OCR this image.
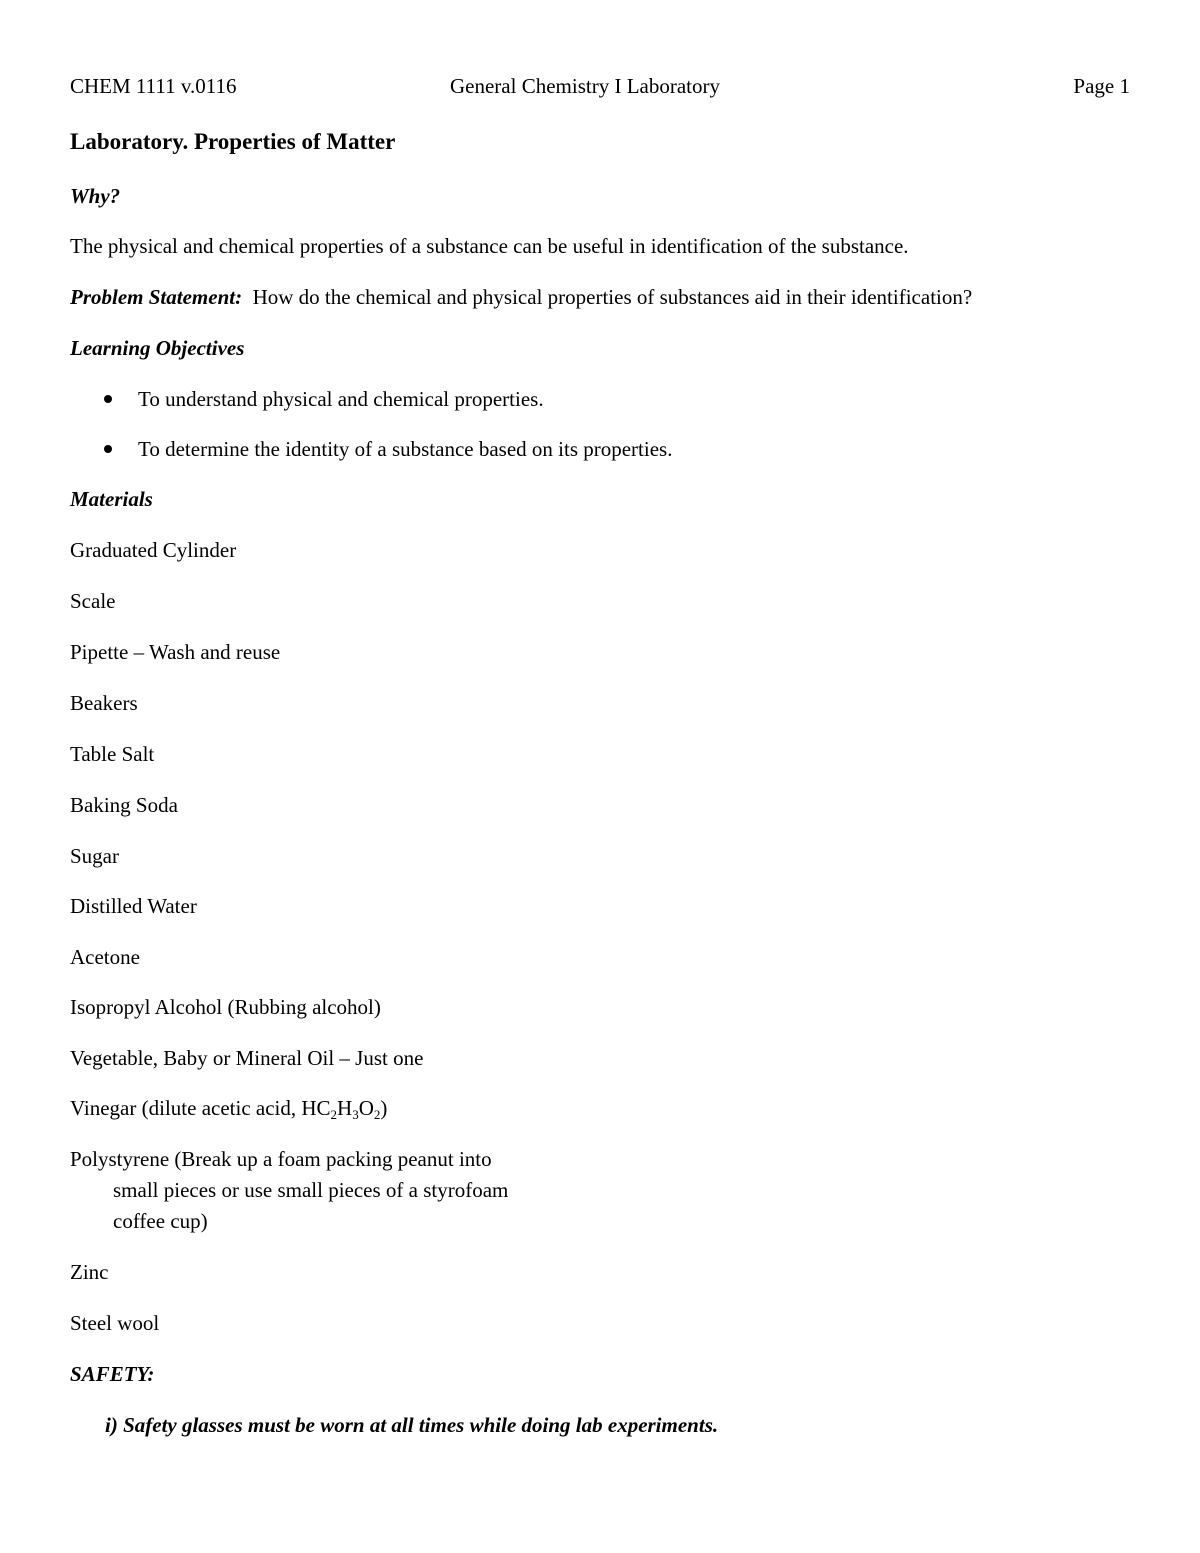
CHEM 1111 v.0116	General Chemistry I Laboratory	Page 1
Laboratory. Properties of Matter
Why?
The physical and chemical properties of a substance can be useful in identification of the substance.
Problem Statement: How do the chemical and physical properties of substances aid in their identification?
Learning Objectives
To understand physical and chemical properties.
To determine the identity of a substance based on its properties.
Materials
Graduated Cylinder
Scale
Pipette – Wash and reuse
Beakers
Table Salt
Baking Soda
Sugar
Distilled Water
Acetone
Isopropyl Alcohol (Rubbing alcohol)
Vegetable, Baby or Mineral Oil – Just one
Vinegar (dilute acetic acid, $HC_2H_3O_2$)
Polystyrene (Break up a foam packing peanut into
small pieces or use small pieces of a styrofoam
coffee cup)
Zinc
Steel wool
SAFETY:
i) Safety glasses must be worn at all times while doing lab experiments.
